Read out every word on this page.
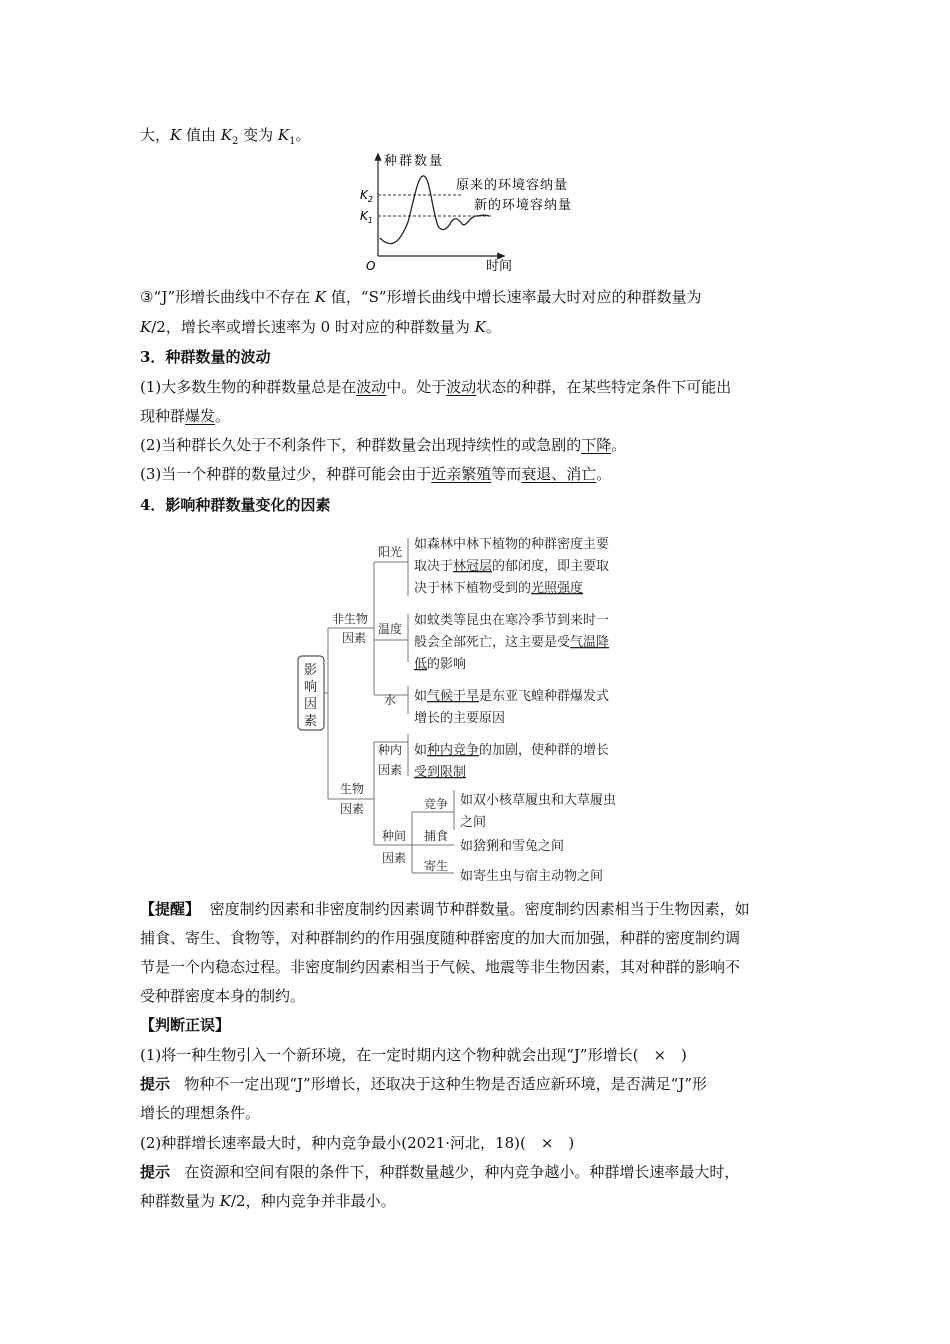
大，K 值由 $K_2$ 变为 $K_1$。
种群数量
$K_2$
$K_1$
O	时间
原来的环境容纳量
新的环境容纳量
③“J”形增长曲线中不存在 K 值，“S”形增长曲线中增长速率最大时对应的种群数量为
K/2，增长率或增长速率为 0 时对应的种群数量为 K。
3．种群数量的波动
(1)大多数生物的种群数量总是在波动中。处于波动状态的种群，在某些特定条件下可能出
现种群爆发。
(2)当种群长久处于不利条件下，种群数量会出现持续性的或急剧的下降。
(3)当一个种群的数量过少，种群可能会由于近亲繁殖等而衰退、消亡。
4．影响种群数量变化的因素
影
响
因
素
非生物
因素
阳光
温度
水
如森林中林下植物的种群密度主要
取决于林冠层的郁闭度，即主要取
决于林下植物受到的光照强度
如蚊类等昆虫在寒冷季节到来时一
般会全部死亡，这主要是受气温降
低的影响
如气候干旱是东亚飞蝗种群爆发式
增长的主要原因
生物
因素
种内
因素
如种内竞争的加剧，使种群的增长
受到限制
种间
因素
竞争
捕食
寄生
如双小核草履虫和大草履虫
之间
如猞猁和雪兔之间
如寄生虫与宿主动物之间
【提醒】 密度制约因素和非密度制约因素调节种群数量。密度制约因素相当于生物因素，如
捕食、寄生、食物等，对种群制约的作用强度随种群密度的加大而加强，种群的密度制约调
节是一个内稳态过程。非密度制约因素相当于气候、地震等非生物因素，其对种群的影响不
受种群密度本身的制约。
【判断正误】
(1)将一种生物引入一个新环境，在一定时期内这个物种就会出现“J”形增长(　×　)
提示 物种不一定出现“J”形增长，还取决于这种生物是否适应新环境，是否满足“J”形
增长的理想条件。
(2)种群增长速率最大时，种内竞争最小(2021·河北，18)(　×　)
提示 在资源和空间有限的条件下，种群数量越少，种内竞争越小。种群增长速率最大时，
种群数量为 K/2，种内竞争并非最小。
